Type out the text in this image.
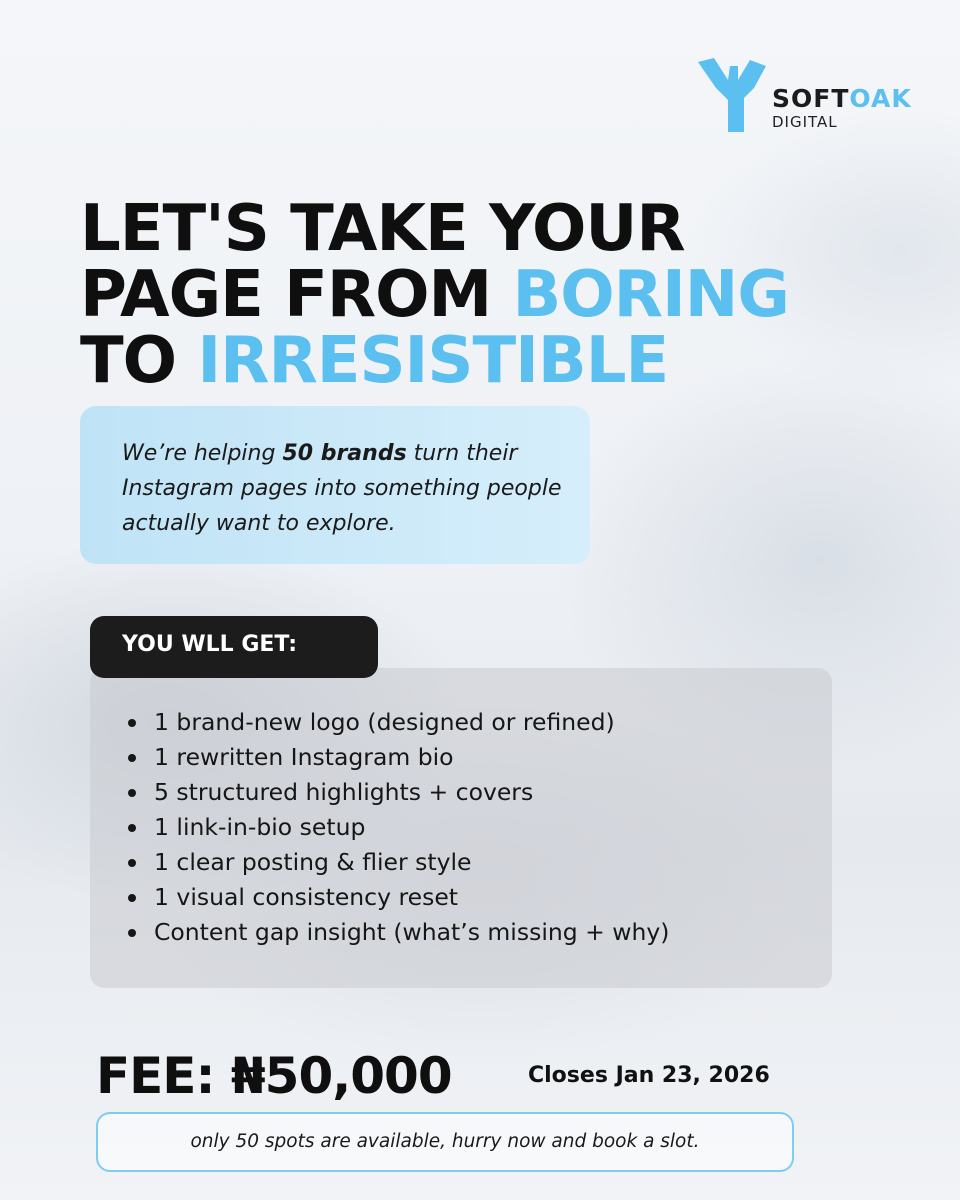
SOFTOAK
DIGITAL
LET'S TAKE YOUR
PAGE FROM BORING
TO IRRESISTIBLE

We’re helping 50 brands turn their Instagram pages into something people actually want to explore.

YOU WLL GET:
1 brand-new logo (designed or refined)
1 rewritten Instagram bio
5 structured highlights + covers
1 link-in-bio setup
1 clear posting & flier style
1 visual consistency reset
Content gap insight (what’s missing + why)
FEE: ₦50,000	Closes Jan 23, 2026
only 50 spots are available, hurry now and book a slot.
